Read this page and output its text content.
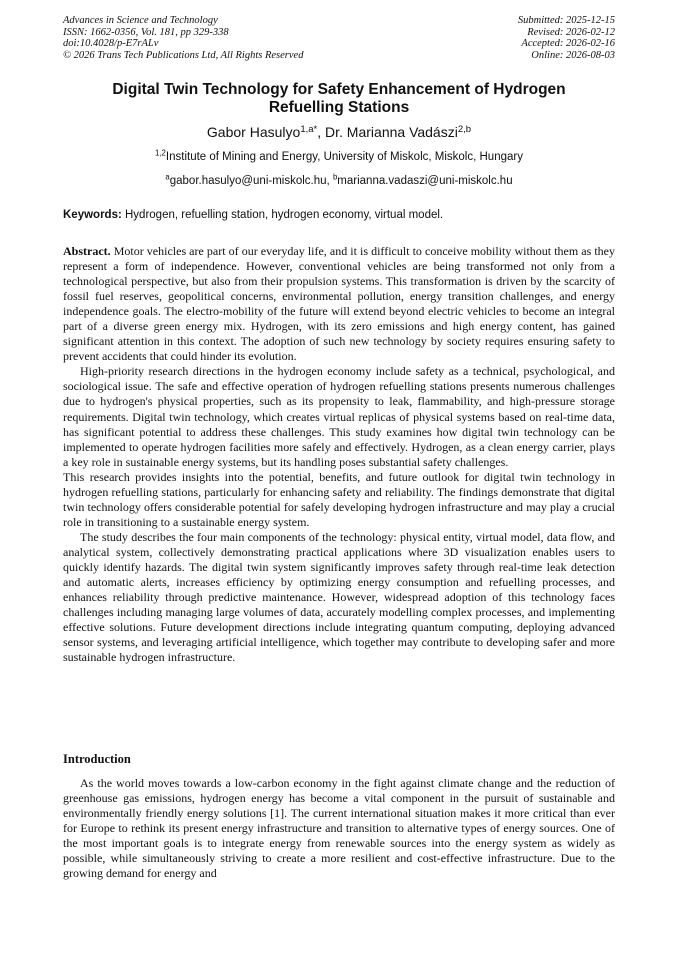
Advances in Science and Technology
ISSN: 1662-0356, Vol. 181, pp 329-338
doi:10.4028/p-E7rALv
© 2026 Trans Tech Publications Ltd, All Rights Reserved
Submitted: 2025-12-15
Revised: 2026-02-12
Accepted: 2026-02-16
Online: 2026-08-03
Digital Twin Technology for Safety Enhancement of Hydrogen
Refuelling Stations
Gabor Hasulyo$^{1,a*}$, Dr. Marianna Vadászi$^{2,b}$
$^{1,2}$Institute of Mining and Energy, University of Miskolc, Miskolc, Hungary
$^a$gabor.hasulyo@uni-miskolc.hu, $^b$marianna.vadaszi@uni-miskolc.hu
Keywords: Hydrogen, refuelling station, hydrogen economy, virtual model.

Abstract. Motor vehicles are part of our everyday life, and it is difficult to conceive mobility without them as they represent a form of independence. However, conventional vehicles are being transformed not only from a technological perspective, but also from their propulsion systems. This transformation is driven by the scarcity of fossil fuel reserves, geopolitical concerns, environmental pollution, energy transition challenges, and energy independence goals. The electro-mobility of the future will extend beyond electric vehicles to become an integral part of a diverse green energy mix. Hydrogen, with its zero emissions and high energy content, has gained significant attention in this context. The adoption of such new technology by society requires ensuring safety to prevent accidents that could hinder its evolution.

High-priority research directions in the hydrogen economy include safety as a technical, psychological, and sociological issue. The safe and effective operation of hydrogen refuelling stations presents numerous challenges due to hydrogen's physical properties, such as its propensity to leak, flammability, and high-pressure storage requirements. Digital twin technology, which creates virtual replicas of physical systems based on real-time data, has significant potential to address these challenges. This study examines how digital twin technology can be implemented to operate hydrogen facilities more safely and effectively. Hydrogen, as a clean energy carrier, plays a key role in sustainable energy systems, but its handling poses substantial safety challenges.

This research provides insights into the potential, benefits, and future outlook for digital twin technology in hydrogen refuelling stations, particularly for enhancing safety and reliability. The findings demonstrate that digital twin technology offers considerable potential for safely developing hydrogen infrastructure and may play a crucial role in transitioning to a sustainable energy system.

The study describes the four main components of the technology: physical entity, virtual model, data flow, and analytical system, collectively demonstrating practical applications where 3D visualization enables users to quickly identify hazards. The digital twin system significantly improves safety through real-time leak detection and automatic alerts, increases efficiency by optimizing energy consumption and refuelling processes, and enhances reliability through predictive maintenance. However, widespread adoption of this technology faces challenges including managing large volumes of data, accurately modelling complex processes, and implementing effective solutions. Future development directions include integrating quantum computing, deploying advanced sensor systems, and leveraging artificial intelligence, which together may contribute to developing safer and more sustainable hydrogen infrastructure.

Introduction

As the world moves towards a low-carbon economy in the fight against climate change and the reduction of greenhouse gas emissions, hydrogen energy has become a vital component in the pursuit of sustainable and environmentally friendly energy solutions [1]. The current international situation makes it more critical than ever for Europe to rethink its present energy infrastructure and transition to alternative types of energy sources. One of the most important goals is to integrate energy from renewable sources into the energy system as widely as possible, while simultaneously striving to create a more resilient and cost-effective infrastructure. Due to the growing demand for energy and
